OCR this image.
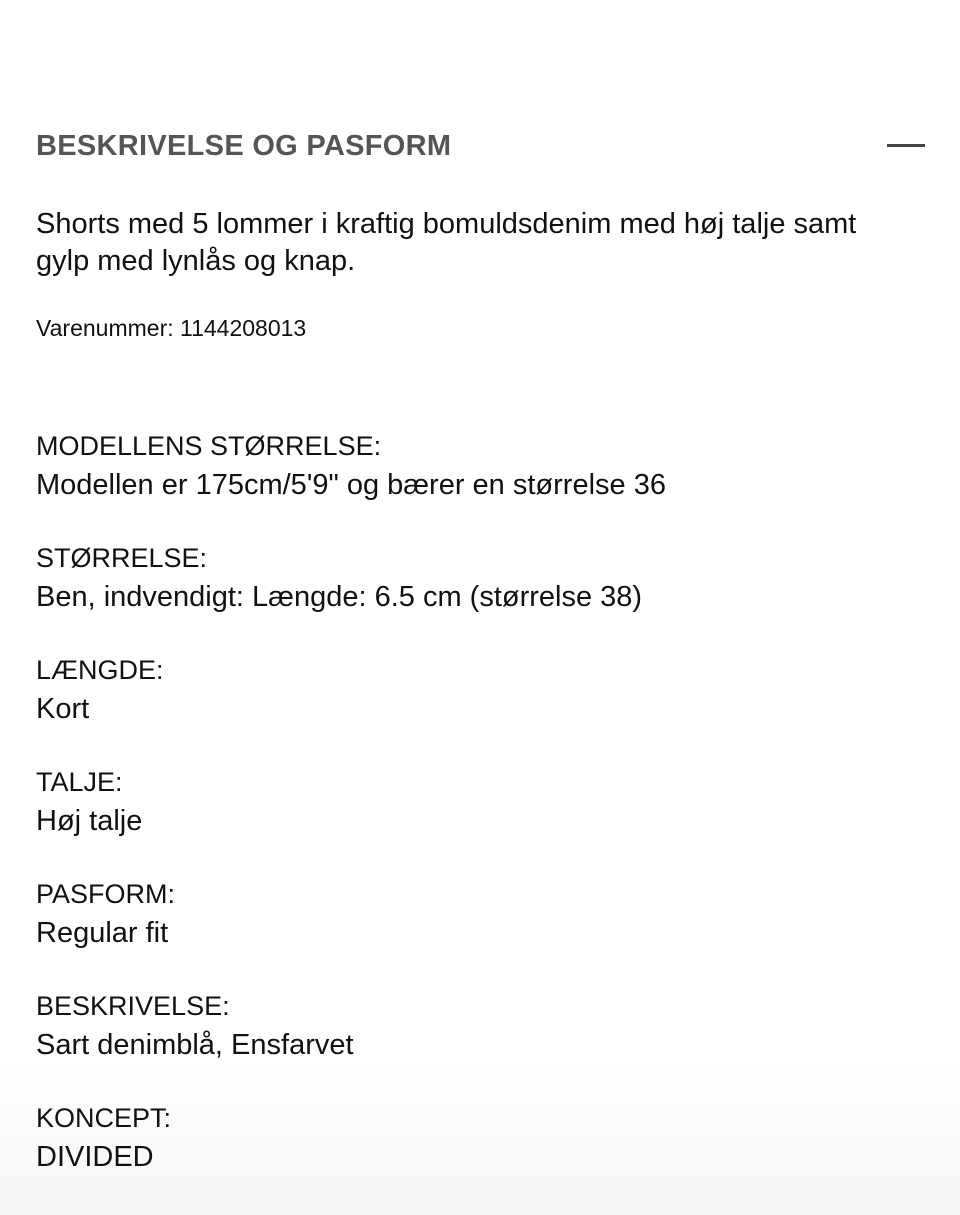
BESKRIVELSE OG PASFORM

Shorts med 5 lommer i kraftig bomuldsdenim med høj talje samt gylp med lynlås og knap.

Varenummer: 1144208013
MODELLENS STØRRELSE:
Modellen er 175cm/5'9" og bærer en størrelse 36
STØRRELSE:
Ben, indvendigt: Længde: 6.5 cm (størrelse 38)
LÆNGDE:
Kort
TALJE:
Høj talje
PASFORM:
Regular fit
BESKRIVELSE:
Sart denimblå, Ensfarvet
KONCEPT:
DIVIDED
